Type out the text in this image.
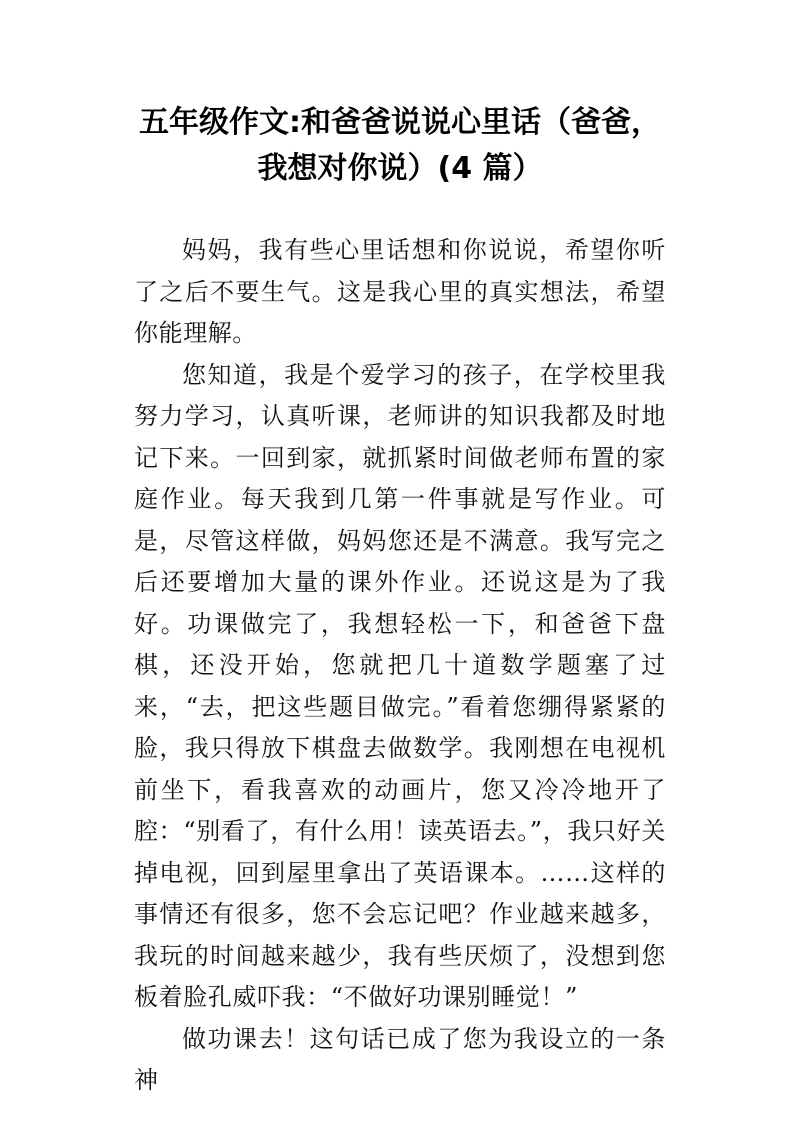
五年级作文:和爸爸说说心里话（爸爸，
我想对你说）(4 篇）

妈妈，我有些心里话想和你说说，希望你听了之后不要生气。这是我心里的真实想法，希望你能理解。

您知道，我是个爱学习的孩子，在学校里我努力学习，认真听课，老师讲的知识我都及时地记下来。一回到家，就抓紧时间做老师布置的家庭作业。每天我到几第一件事就是写作业。可是，尽管这样做，妈妈您还是不满意。我写完之后还要增加大量的课外作业。还说这是为了我好。功课做完了，我想轻松一下，和爸爸下盘棋，还没开始，您就把几十道数学题塞了过来，“去，把这些题目做完。”看着您绷得紧紧的脸，我只得放下棋盘去做数学。我刚想在电视机前坐下，看我喜欢的动画片，您又冷冷地开了腔：“别看了，有什么用！读英语去。”，我只好关掉电视，回到屋里拿出了英语课本。……这样的事情还有很多，您不会忘记吧？作业越来越多，我玩的时间越来越少，我有些厌烦了，没想到您板着脸孔威吓我：“不做好功课别睡觉！”

做功课去！这句话已成了您为我设立的一条神
